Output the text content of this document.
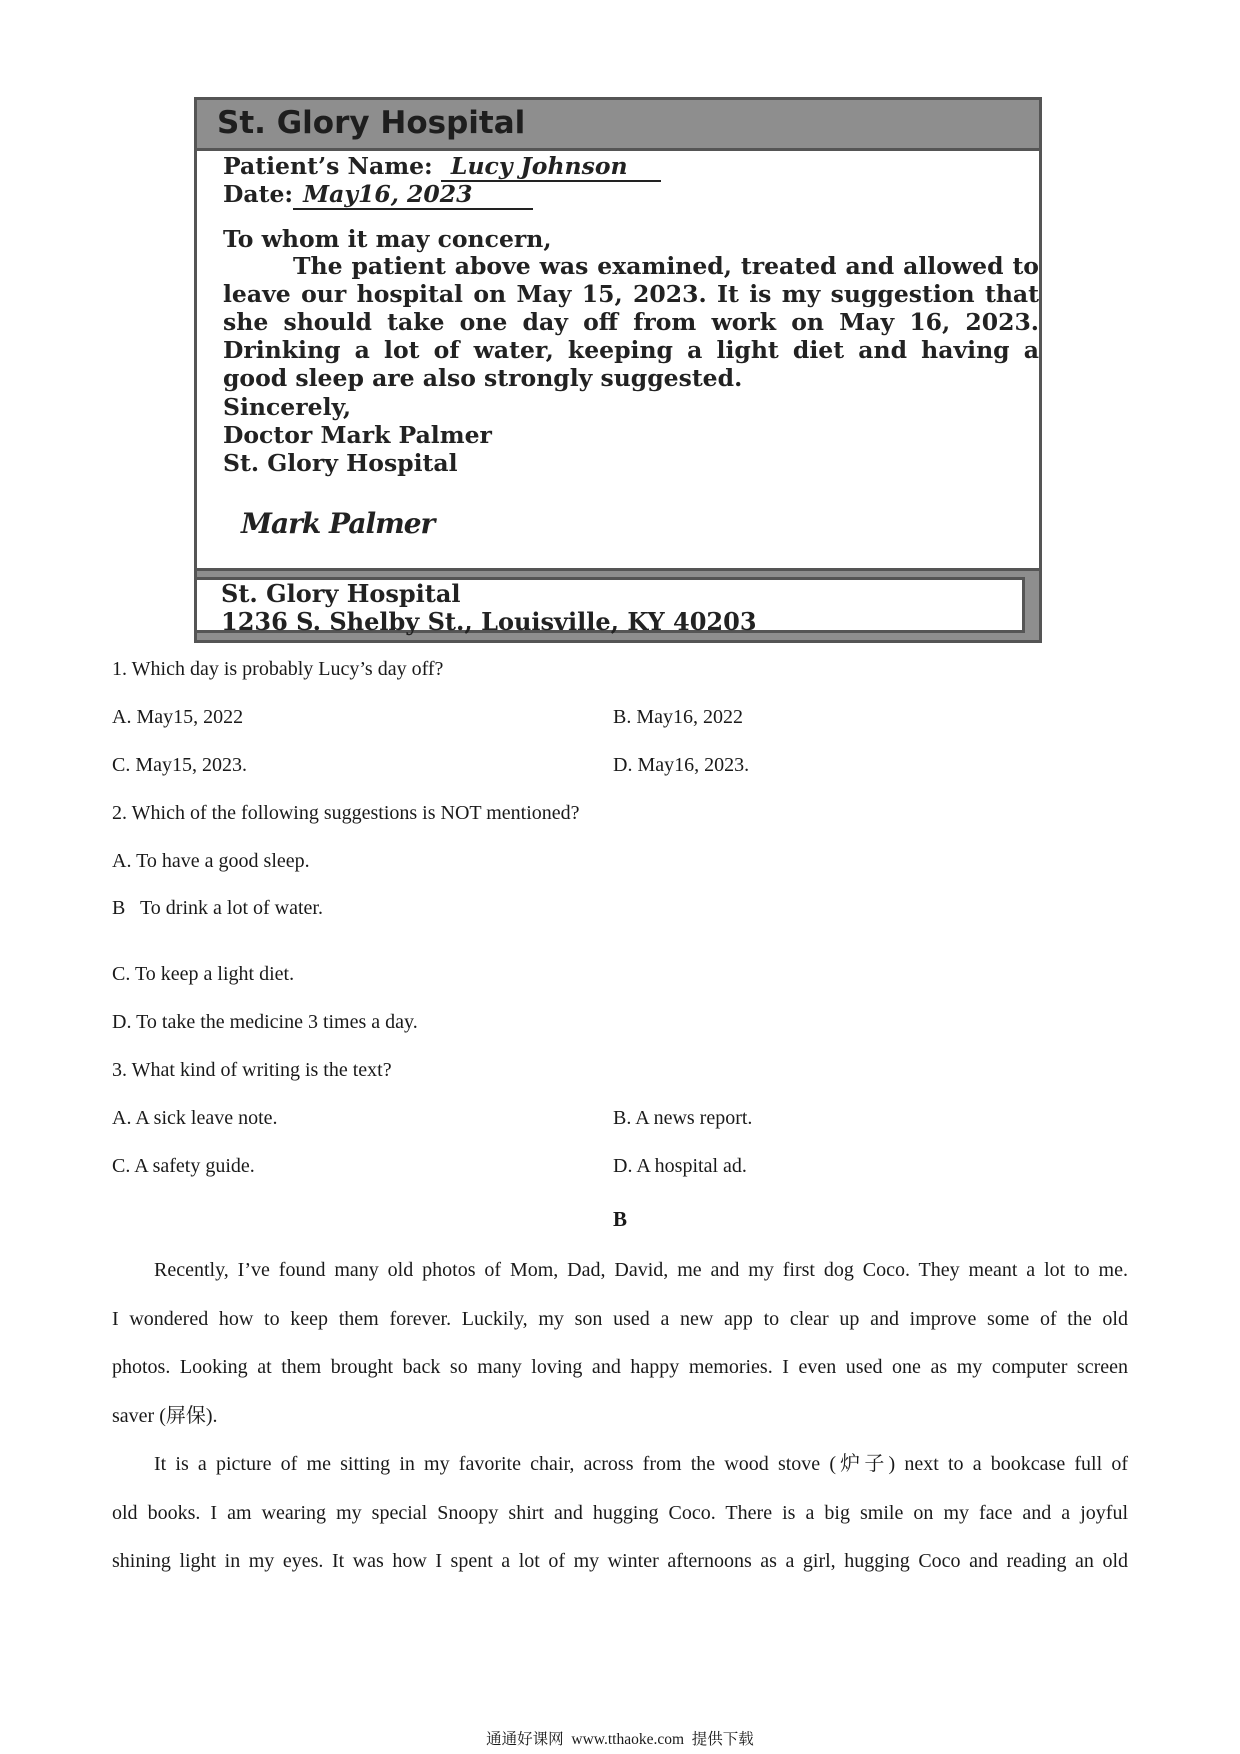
St. Glory Hospital
Patient’s Name: Lucy Johnson
Date: May16, 2023
To whom it may concern,

The patient above was examined, treated and allowed to leave our hospital on May 15, 2023. It is my suggestion that she should take one day off from work on May 16, 2023. Drinking a lot of water, keeping a light diet and having a good sleep are also strongly suggested.

Sincerely,
Doctor Mark Palmer
St. Glory Hospital
Mark Palmer
St. Glory Hospital
1236 S. Shelby St., Louisville, KY 40203
1. Which day is probably Lucy’s day off?
A. May15, 2022	B. May16, 2022
C. May15, 2023.	D. May16, 2023.
2. Which of the following suggestions is NOT mentioned?
A. To have a good sleep.
B   To drink a lot of water.
C. To keep a light diet.
D. To take the medicine 3 times a day.
3. What kind of writing is the text?
A. A sick leave note.	B. A news report.
C. A safety guide.	D. A hospital ad.
B
Recently, I’ve found many old photos of Mom, Dad, David, me and my first dog Coco. They meant a lot to me.
I wondered how to keep them forever. Luckily, my son used a new app to clear up and improve some of the old
photos. Looking at them brought back so many loving and happy memories. I even used one as my computer screen
saver (屏保).
It is a picture of me sitting in my favorite chair, across from the wood stove (炉子) next to a bookcase full of
old books. I am wearing my special Snoopy shirt and hugging Coco. There is a big smile on my face and a joyful
shining light in my eyes. It was how I spent a lot of my winter afternoons as a girl, hugging Coco and reading an old
通通好课网  www.tthaoke.com  提供下载
